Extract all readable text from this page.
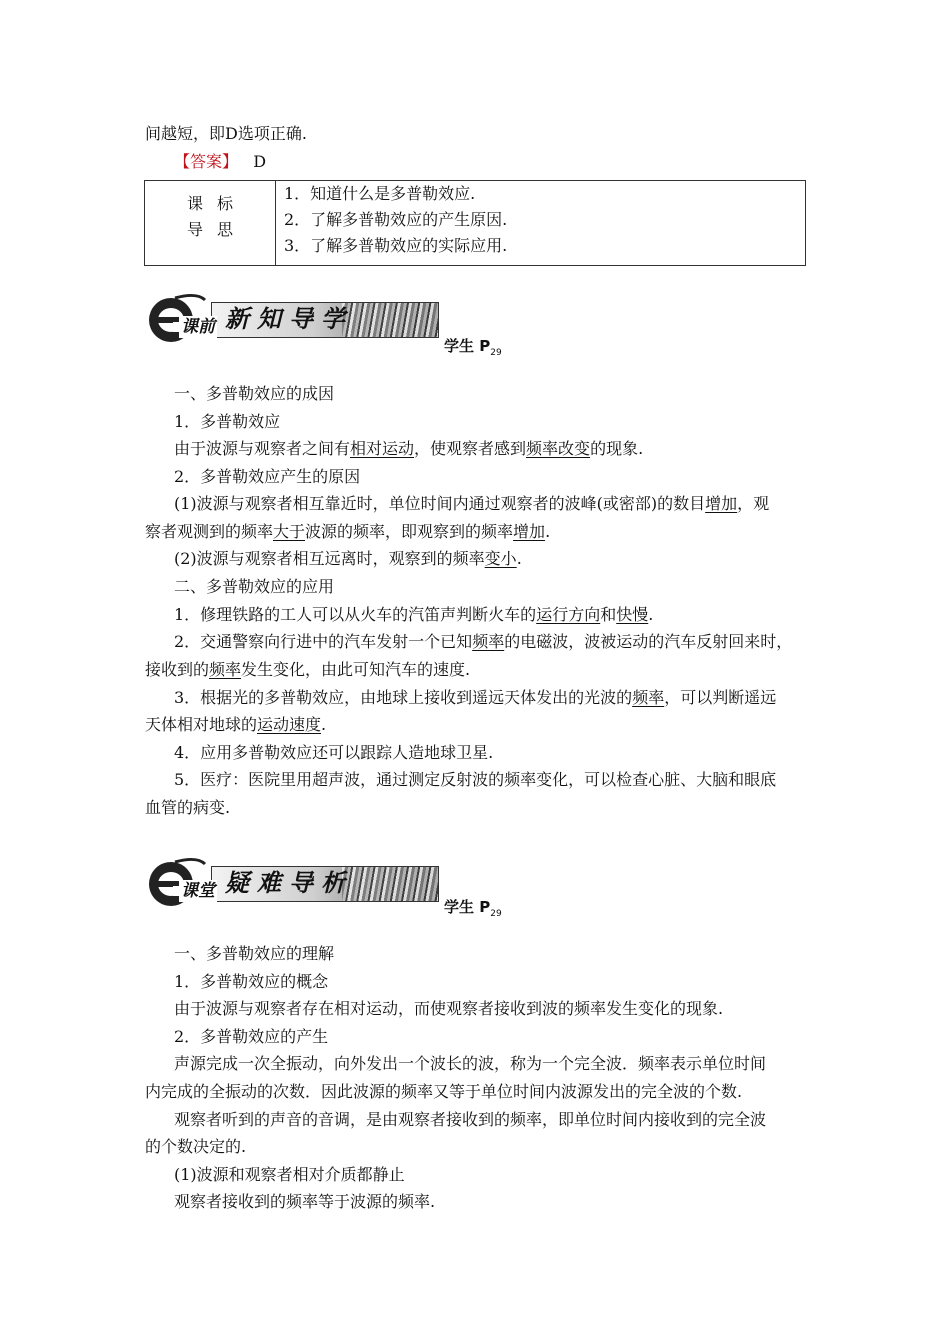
间越短，即D选项正确.
【答案】 D
课标
导思

1．知道什么是多普勒效应.
2．了解多普勒效应的产生原因.
3．了解多普勒效应的实际应用.
新知导学
课前
学生 $P_{29}$
一、多普勒效应的成因
1．多普勒效应
由于波源与观察者之间有相对运动，使观察者感到频率改变的现象.
2．多普勒效应产生的原因
(1)波源与观察者相互靠近时，单位时间内通过观察者的波峰(或密部)的数目增加，观
察者观测到的频率大于波源的频率，即观察到的频率增加.
(2)波源与观察者相互远离时，观察到的频率变小.
二、多普勒效应的应用
1．修理铁路的工人可以从火车的汽笛声判断火车的运行方向和快慢.
2．交通警察向行进中的汽车发射一个已知频率的电磁波，波被运动的汽车反射回来时，
接收到的频率发生变化，由此可知汽车的速度.
3．根据光的多普勒效应，由地球上接收到遥远天体发出的光波的频率，可以判断遥远
天体相对地球的运动速度.
4．应用多普勒效应还可以跟踪人造地球卫星.
5．医疗：医院里用超声波，通过测定反射波的频率变化，可以检查心脏、大脑和眼底
血管的病变.
疑难导析
课堂
学生 $P_{29}$
一、多普勒效应的理解
1．多普勒效应的概念
由于波源与观察者存在相对运动，而使观察者接收到波的频率发生变化的现象.
2．多普勒效应的产生
声源完成一次全振动，向外发出一个波长的波，称为一个完全波．频率表示单位时间
内完成的全振动的次数．因此波源的频率又等于单位时间内波源发出的完全波的个数.
观察者听到的声音的音调，是由观察者接收到的频率，即单位时间内接收到的完全波
的个数决定的.
(1)波源和观察者相对介质都静止
观察者接收到的频率等于波源的频率.
